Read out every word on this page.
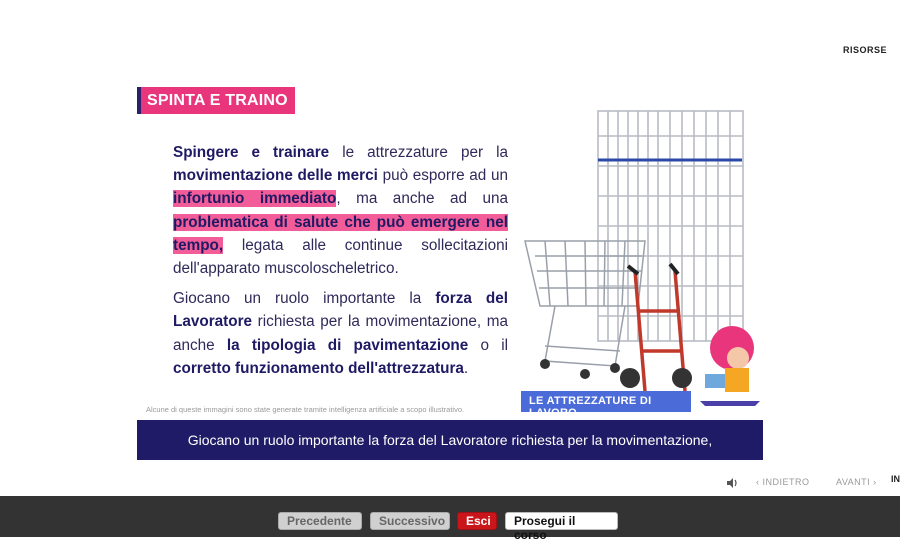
RISORSE
SPINTA E TRAINO

Spingere e trainare le attrezzature per la movimentazione delle merci può esporre ad un infortunio immediato, ma anche ad una problematica di salute che può emergere nel tempo, legata alle continue sollecitazioni dell'apparato muscoloscheletrico.

Giocano un ruolo importante la forza del Lavoratore richiesta per la movimentazione, ma anche la tipologia di pavimentazione o il corretto funzionamento dell'attrezzatura.

Alcune di queste immagini sono state generate tramite intelligenza artificiale a scopo illustrativo.
LE ATTREZZATURE DI LAVORO
Giocano un ruolo importante la forza del Lavoratore richiesta per la movimentazione,
‹ INDIETRO	AVANTI › IN
Precedente	Successivo	Esci	Prosegui il corso
